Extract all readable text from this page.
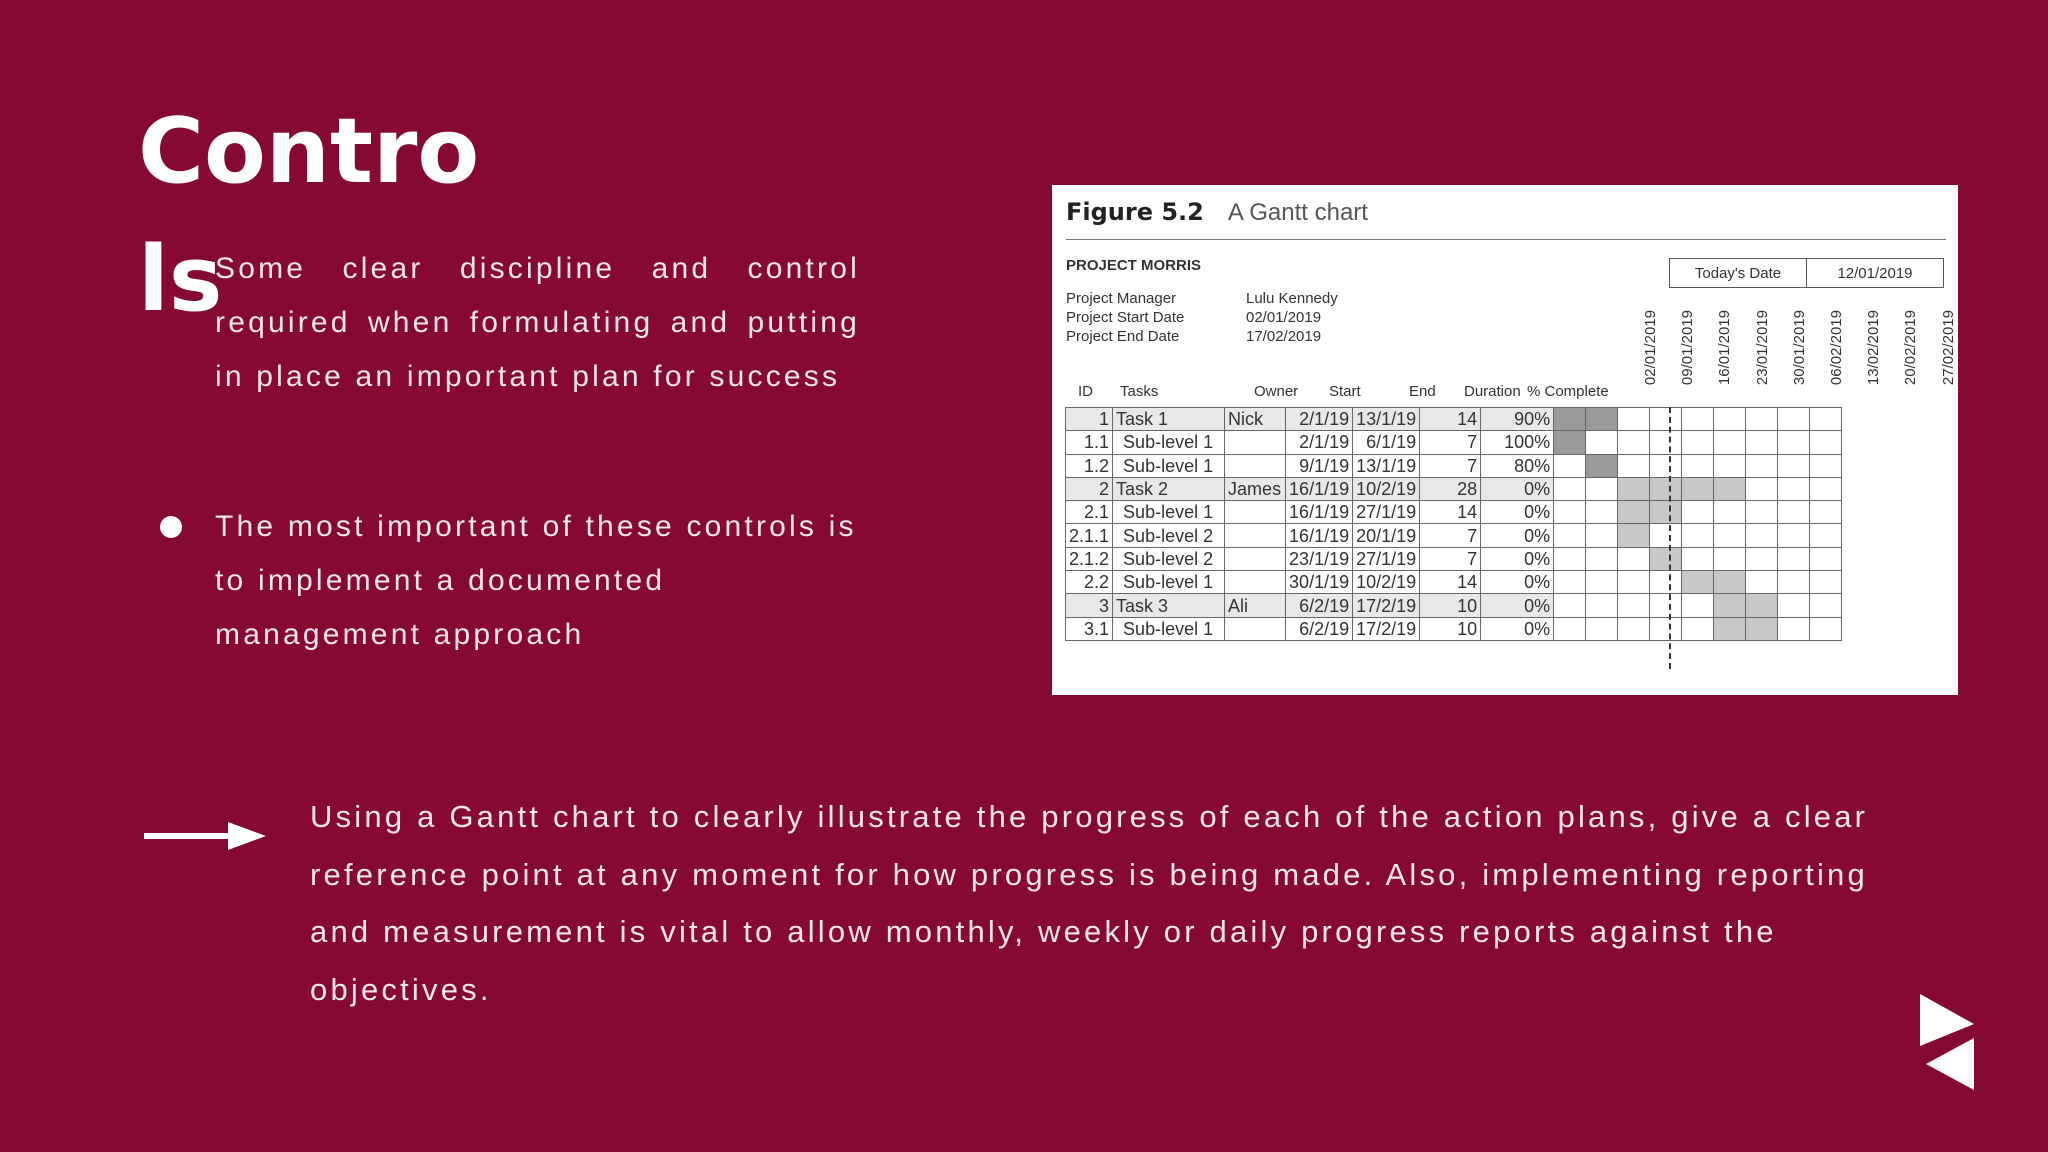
Controls
Some clear discipline and control required when formulating and putting in place an important plan for success
The most important of these controls is to implement a documented management approach
Figure 5.2 A Gantt chart
PROJECT MORRIS
Project Manager	Lulu Kennedy
Project Start Date	02/01/2019
Project End Date	17/02/2019
Today's Date	12/01/2019
ID Tasks	Owner Start	End Duration % Complete
02/01/2019 09/01/2019 16/01/2019 23/01/2019 30/01/2019 06/02/2019 13/02/2019 20/02/2019 27/02/2019
1	Task 1	Nick	2/1/19	13/1/19	14	90%									
1.1	Sub-level 1		2/1/19	6/1/19	7	100%									
1.2	Sub-level 1		9/1/19	13/1/19	7	80%									
2	Task 2	James	16/1/19	10/2/19	28	0%									
2.1	Sub-level 1		16/1/19	27/1/19	14	0%									
2.1.1	Sub-level 2		16/1/19	20/1/19	7	0%									
2.1.2	Sub-level 2		23/1/19	27/1/19	7	0%									
2.2	Sub-level 1		30/1/19	10/2/19	14	0%									
3	Task 3	Ali	6/2/19	17/2/19	10	0%									
3.1	Sub-level 1		6/2/19	17/2/19	10	0%									
Using a Gantt chart to clearly illustrate the progress of each of the action plans, give a clear reference point at any moment for how progress is being made. Also, implementing reporting and measurement is vital to allow monthly, weekly or daily progress reports against the objectives.
